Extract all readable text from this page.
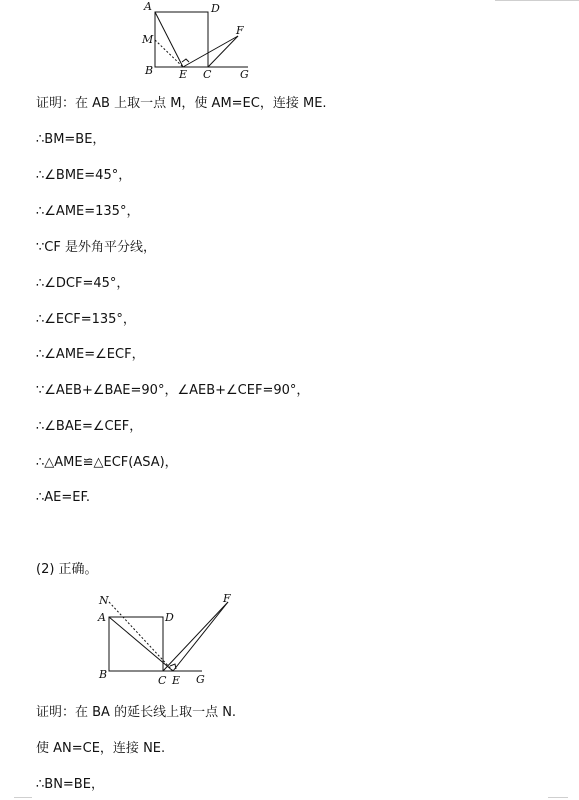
A	D
M
F
B E C	G
证明：在 AB 上取一点 M，使 AM=EC，连接 ME.
∴BM=BE，
∴∠BME=45°，
∴∠AME=135°，
∵CF 是外角平分线，
∴∠DCF=45°，
∴∠ECF=135°，
∴∠AME=∠ECF，
∵∠AEB+∠BAE=90°，∠AEB+∠CEF=90°，
∴∠BAE=∠CEF，
∴△AME≌△ECF(ASA)，
∴AE=EF.
(2) 正确。
N
A	D
F
B	C E G
证明：在 BA 的延长线上取一点 N.
使 AN=CE，连接 NE.
∴BN=BE，
